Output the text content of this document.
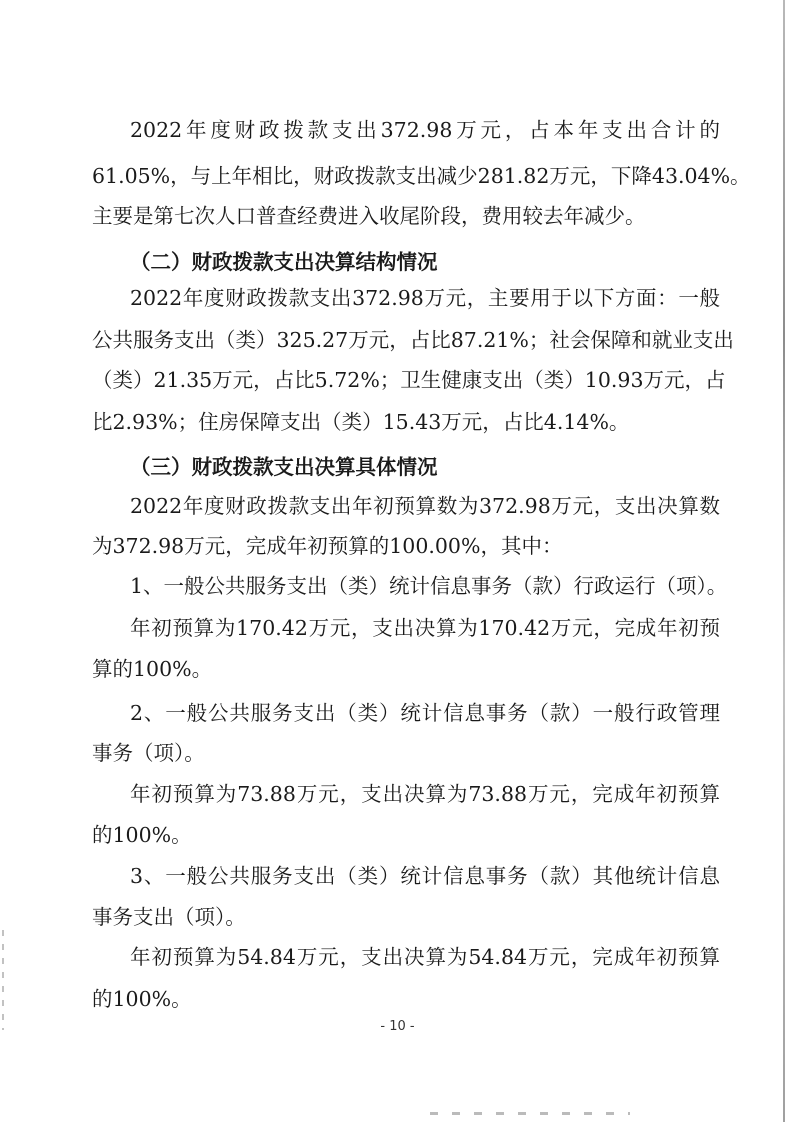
2022年度财政拨款支出372.98万元，占本年支出合计的
61.05%，与上年相比，财政拨款支出减少281.82万元，下降43.04%。
主要是第七次人口普查经费进入收尾阶段，费用较去年减少。
（二）财政拨款支出决算结构情况
2022年度财政拨款支出372.98万元，主要用于以下方面：一般
公共服务支出（类）325.27万元，占比87.21%；社会保障和就业支出
（类）21.35万元，占比5.72%；卫生健康支出（类）10.93万元，占
比2.93%；住房保障支出（类）15.43万元，占比4.14%。
（三）财政拨款支出决算具体情况
2022年度财政拨款支出年初预算数为372.98万元，支出决算数
为372.98万元，完成年初预算的100.00%，其中：
1、一般公共服务支出（类）统计信息事务（款）行政运行（项）。
年初预算为170.42万元，支出决算为170.42万元，完成年初预
算的100%。
2、一般公共服务支出（类）统计信息事务（款）一般行政管理
事务（项）。
年初预算为73.88万元，支出决算为73.88万元，完成年初预算
的100%。
3、一般公共服务支出（类）统计信息事务（款）其他统计信息
事务支出（项）。
年初预算为54.84万元，支出决算为54.84万元，完成年初预算
的100%。
- 10 -
